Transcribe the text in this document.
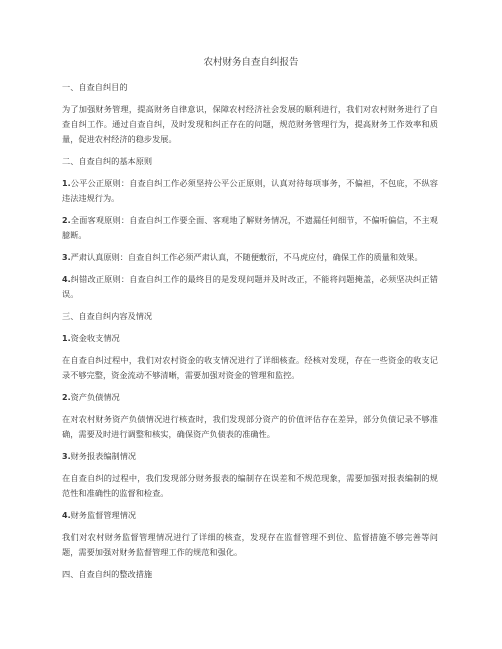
农村财务自查自纠报告
一、自查自纠目的
为了加强财务管理，提高财务自律意识，保障农村经济社会发展的顺利进行，我们对农村财务进行了自查自纠工作。通过自查自纠，及时发现和纠正存在的问题，规范财务管理行为，提高财务工作效率和质量，促进农村经济的稳步发展。
二、自查自纠的基本原则
1.公平公正原则：自查自纠工作必须坚持公平公正原则，认真对待每项事务，不偏袒，不包庇，不纵容违法违规行为。
2.全面客观原则：自查自纠工作要全面、客观地了解财务情况，不遗漏任何细节，不偏听偏信，不主观臆断。
3.严肃认真原则：自查自纠工作必须严肃认真，不随便敷衍，不马虎应付，确保工作的质量和效果。
4.纠错改正原则：自查自纠工作的最终目的是发现问题并及时改正，不能将问题掩盖，必须坚决纠正错误。
三、自查自纠内容及情况
1.资金收支情况
在自查自纠过程中，我们对农村资金的收支情况进行了详细核查。经核对发现，存在一些资金的收支记录不够完整，资金流动不够清晰，需要加强对资金的管理和监控。
2.资产负债情况
在对农村财务资产负债情况进行核查时，我们发现部分资产的价值评估存在差异，部分负债记录不够准确，需要及时进行调整和核实，确保资产负债表的准确性。
3.财务报表编制情况
在自查自纠的过程中，我们发现部分财务报表的编制存在误差和不规范现象，需要加强对报表编制的规范性和准确性的监督和检查。
4.财务监督管理情况
我们对农村财务监督管理情况进行了详细的核查，发现存在监督管理不到位、监督措施不够完善等问题，需要加强对财务监督管理工作的规范和强化。
四、自查自纠的整改措施
